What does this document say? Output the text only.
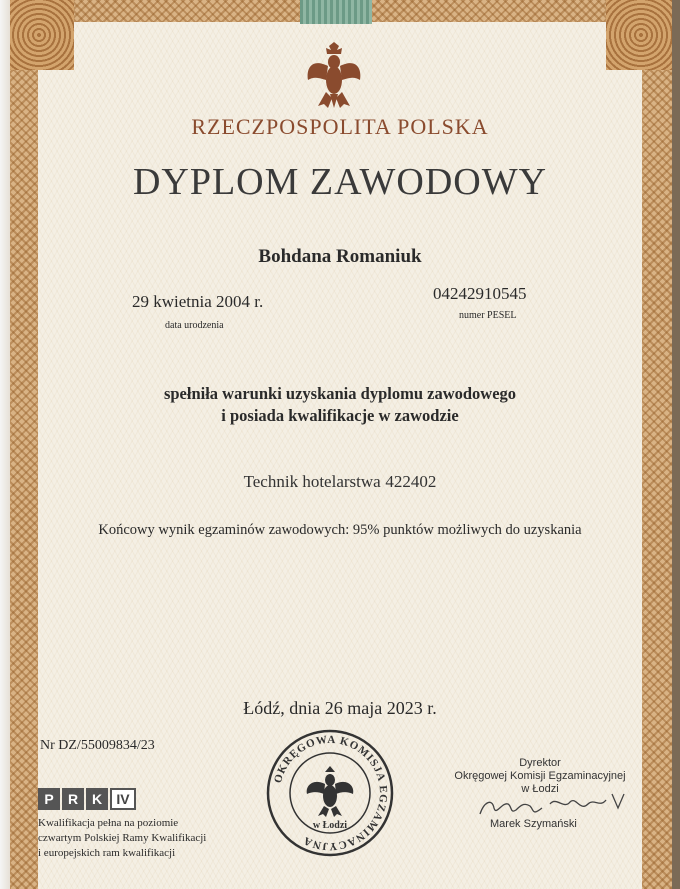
RZECZPOSPOLITA POLSKA
DYPLOM ZAWODOWY
Bohdana Romaniuk
29 kwietnia 2004 r.
data urodzenia
04242910545
numer PESEL
spełniła warunki uzyskania dyplomu zawodowego
i posiada kwalifikacje w zawodzie
Technik hotelarstwa 422402
Końcowy wynik egzaminów zawodowych: 95% punktów możliwych do uzyskania
Łódź, dnia 26 maja 2023 r.
Nr DZ/55009834/23
P	R K	IV
Kwalifikacja pełna na poziomie
czwartym Polskiej Ramy Kwalifikacji
i europejskich ram kwalifikacji
OKRĘGOWA KOMISJA EGZAMINACYJNA
w Łodzi
Dyrektor
Okręgowej Komisji Egzaminacyjnej
w Łodzi
Marek Szymański
